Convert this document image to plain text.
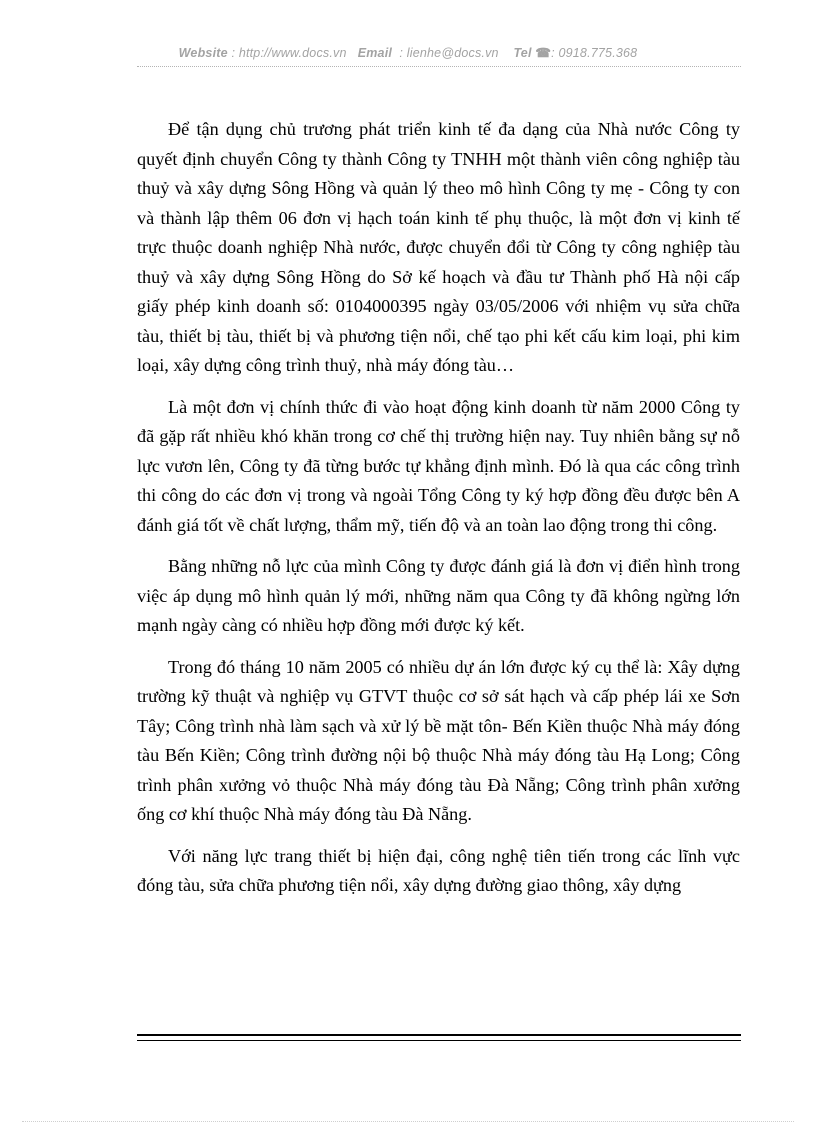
Website : http://www.docs.vn Email  : lienhe@docs.vn Tel ☎: 0918.775.368

Để tận dụng chủ trương phát triển kinh tế đa dạng của Nhà nước Công ty quyết định chuyển Công ty thành Công ty TNHH một thành viên công nghiệp tàu thuỷ và xây dựng Sông Hồng và quản lý theo mô hình Công ty mẹ - Công ty con và thành lập thêm 06 đơn vị hạch toán kinh tế phụ thuộc, là một đơn vị kinh tế trực thuộc doanh nghiệp Nhà nước, được chuyển đổi từ Công ty công nghiệp tàu thuỷ và xây dựng Sông Hồng do Sở kế hoạch và đầu tư Thành phố Hà nội cấp giấy phép kinh doanh số: 0104000395 ngày 03/05/2006 với nhiệm vụ sửa chữa tàu, thiết bị tàu, thiết bị và phương tiện nổi, chế tạo phi kết cấu kim loại, phi kim loại, xây dựng công trình thuỷ, nhà máy đóng tàu…

Là một đơn vị chính thức đi vào hoạt động kinh doanh từ năm 2000 Công ty đã gặp rất nhiều khó khăn trong cơ chế thị trường hiện nay. Tuy nhiên bằng sự nỗ lực vươn lên, Công ty đã từng bước tự khẳng định mình. Đó là qua các công trình thi công do các đơn vị trong và ngoài Tổng Công ty ký hợp đồng đều được bên A đánh giá tốt về chất lượng, thẩm mỹ, tiến độ và an toàn lao động trong thi công.

Bằng những nỗ lực của mình Công ty được đánh giá là đơn vị điển hình trong việc áp dụng mô hình quản lý mới, những năm qua Công ty đã không ngừng lớn mạnh ngày càng có nhiều hợp đồng mới được ký kết.

Trong đó tháng 10 năm 2005 có nhiều dự án lớn được ký cụ thể là: Xây dựng trường kỹ thuật và nghiệp vụ GTVT thuộc cơ sở sát hạch và cấp phép lái xe Sơn Tây; Công trình nhà làm sạch và xử lý bề mặt tôn- Bến Kiền thuộc Nhà máy đóng tàu Bến Kiền; Công trình đường nội bộ thuộc Nhà máy đóng tàu Hạ Long; Công trình phân xưởng vỏ thuộc Nhà máy đóng tàu Đà Nẵng; Công trình phân xưởng ống cơ khí thuộc Nhà máy đóng tàu Đà Nẵng.

Với năng lực trang thiết bị hiện đại, công nghệ tiên tiến trong các lĩnh vực đóng tàu, sửa chữa phương tiện nổi, xây dựng đường giao thông, xây dựng
